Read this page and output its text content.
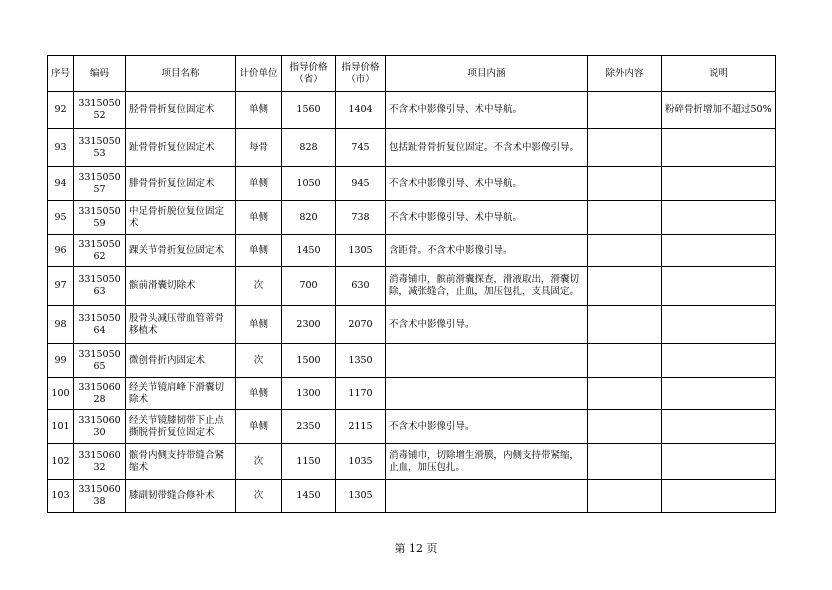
序号	编码	项目名称	计价单位	指导价格（省）	指导价格（市）	项目内涵	除外内容	说明
92	331505052	胫骨骨折复位固定术	单侧	1560	1404	不含术中影像引导、术中导航。		粉碎骨折增加不超过50%
93	331505053	趾骨骨折复位固定术	每骨	828	745	包括趾骨骨折复位固定。不含术中影像引导。		
94	331505057	腓骨骨折复位固定术	单侧	1050	945	不含术中影像引导、术中导航。		
95	331505059	中足骨折脱位复位固定术	单侧	820	738	不含术中影像引导、术中导航。		
96	331505062	踝关节骨折复位固定术	单侧	1450	1305	含距骨。不含术中影像引导。		
97	331505063	髌前滑囊切除术	次	700	630	消毒铺巾，髌前滑囊探查，滑液取出，滑囊切除，减张缝合，止血，加压包扎，支具固定。		
98	331505064	股骨头减压带血管蒂骨移植术	单侧	2300	2070	不含术中影像引导。		
99	331505065	微创骨折内固定术	次	1500	1350			
100	331506028	经关节镜肩峰下滑囊切除术	单侧	1300	1170			
101	331506030	经关节镜膝韧带下止点撕脱骨折复位固定术	单侧	2350	2115	不含术中影像引导。		
102	331506032	髌骨内侧支持带缝合紧缩术	次	1150	1035	消毒铺巾，切除增生滑膜，内侧支持带紧缩，止血，加压包扎。		
103	331506038	膝副韧带缝合修补术	次	1450	1305			
第 12 页
